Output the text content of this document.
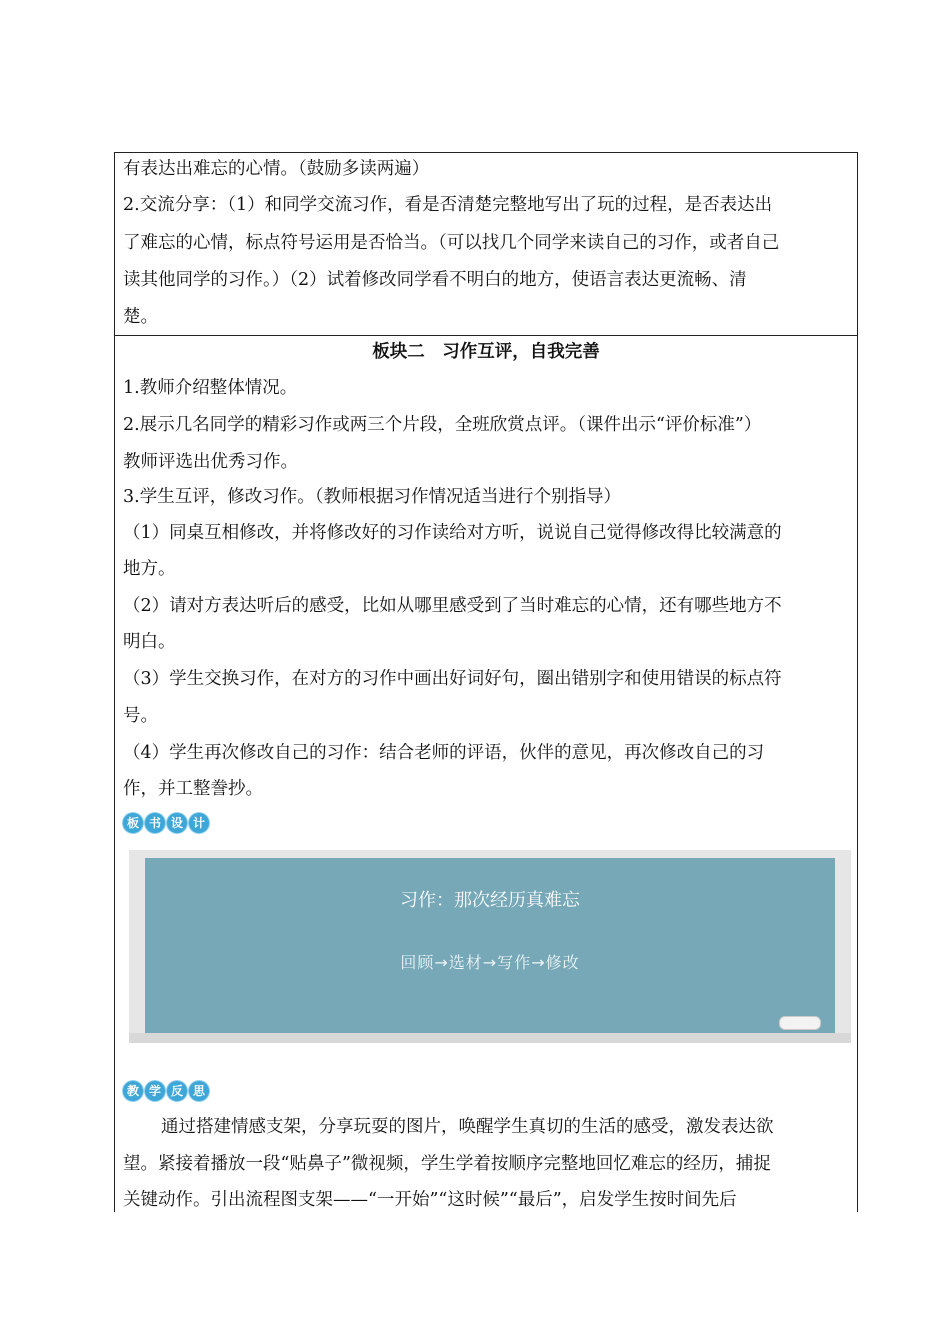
有表达出难忘的心情。（鼓励多读两遍）
2.交流分享：（1）和同学交流习作，看是否清楚完整地写出了玩的过程，是否表达出
了难忘的心情，标点符号运用是否恰当。（可以找几个同学来读自己的习作，或者自己
读其他同学的习作。）（2）试着修改同学看不明白的地方，使语言表达更流畅、清
楚。
板块二　习作互评，自我完善
1.教师介绍整体情况。
2.展示几名同学的精彩习作或两三个片段，全班欣赏点评。（课件出示“评价标准”）
教师评选出优秀习作。
3.学生互评，修改习作。（教师根据习作情况适当进行个别指导）
（1）同桌互相修改，并将修改好的习作读给对方听，说说自己觉得修改得比较满意的
地方。
（2）请对方表达听后的感受，比如从哪里感受到了当时难忘的心情，还有哪些地方不
明白。
（3）学生交换习作，在对方的习作中画出好词好句，圈出错别字和使用错误的标点符
号。
（4）学生再次修改自己的习作：结合老师的评语，伙伴的意见，再次修改自己的习
作，并工整誊抄。
板 书 设 计
习作：那次经历真难忘
回顾→选材→写作→修改
教 学 反 思
通过搭建情感支架，分享玩耍的图片，唤醒学生真切的生活的感受，激发表达欲
望。紧接着播放一段“贴鼻子”微视频，学生学着按顺序完整地回忆难忘的经历，捕捉
关键动作。引出流程图支架——“一开始”“这时候”“最后”，启发学生按时间先后
